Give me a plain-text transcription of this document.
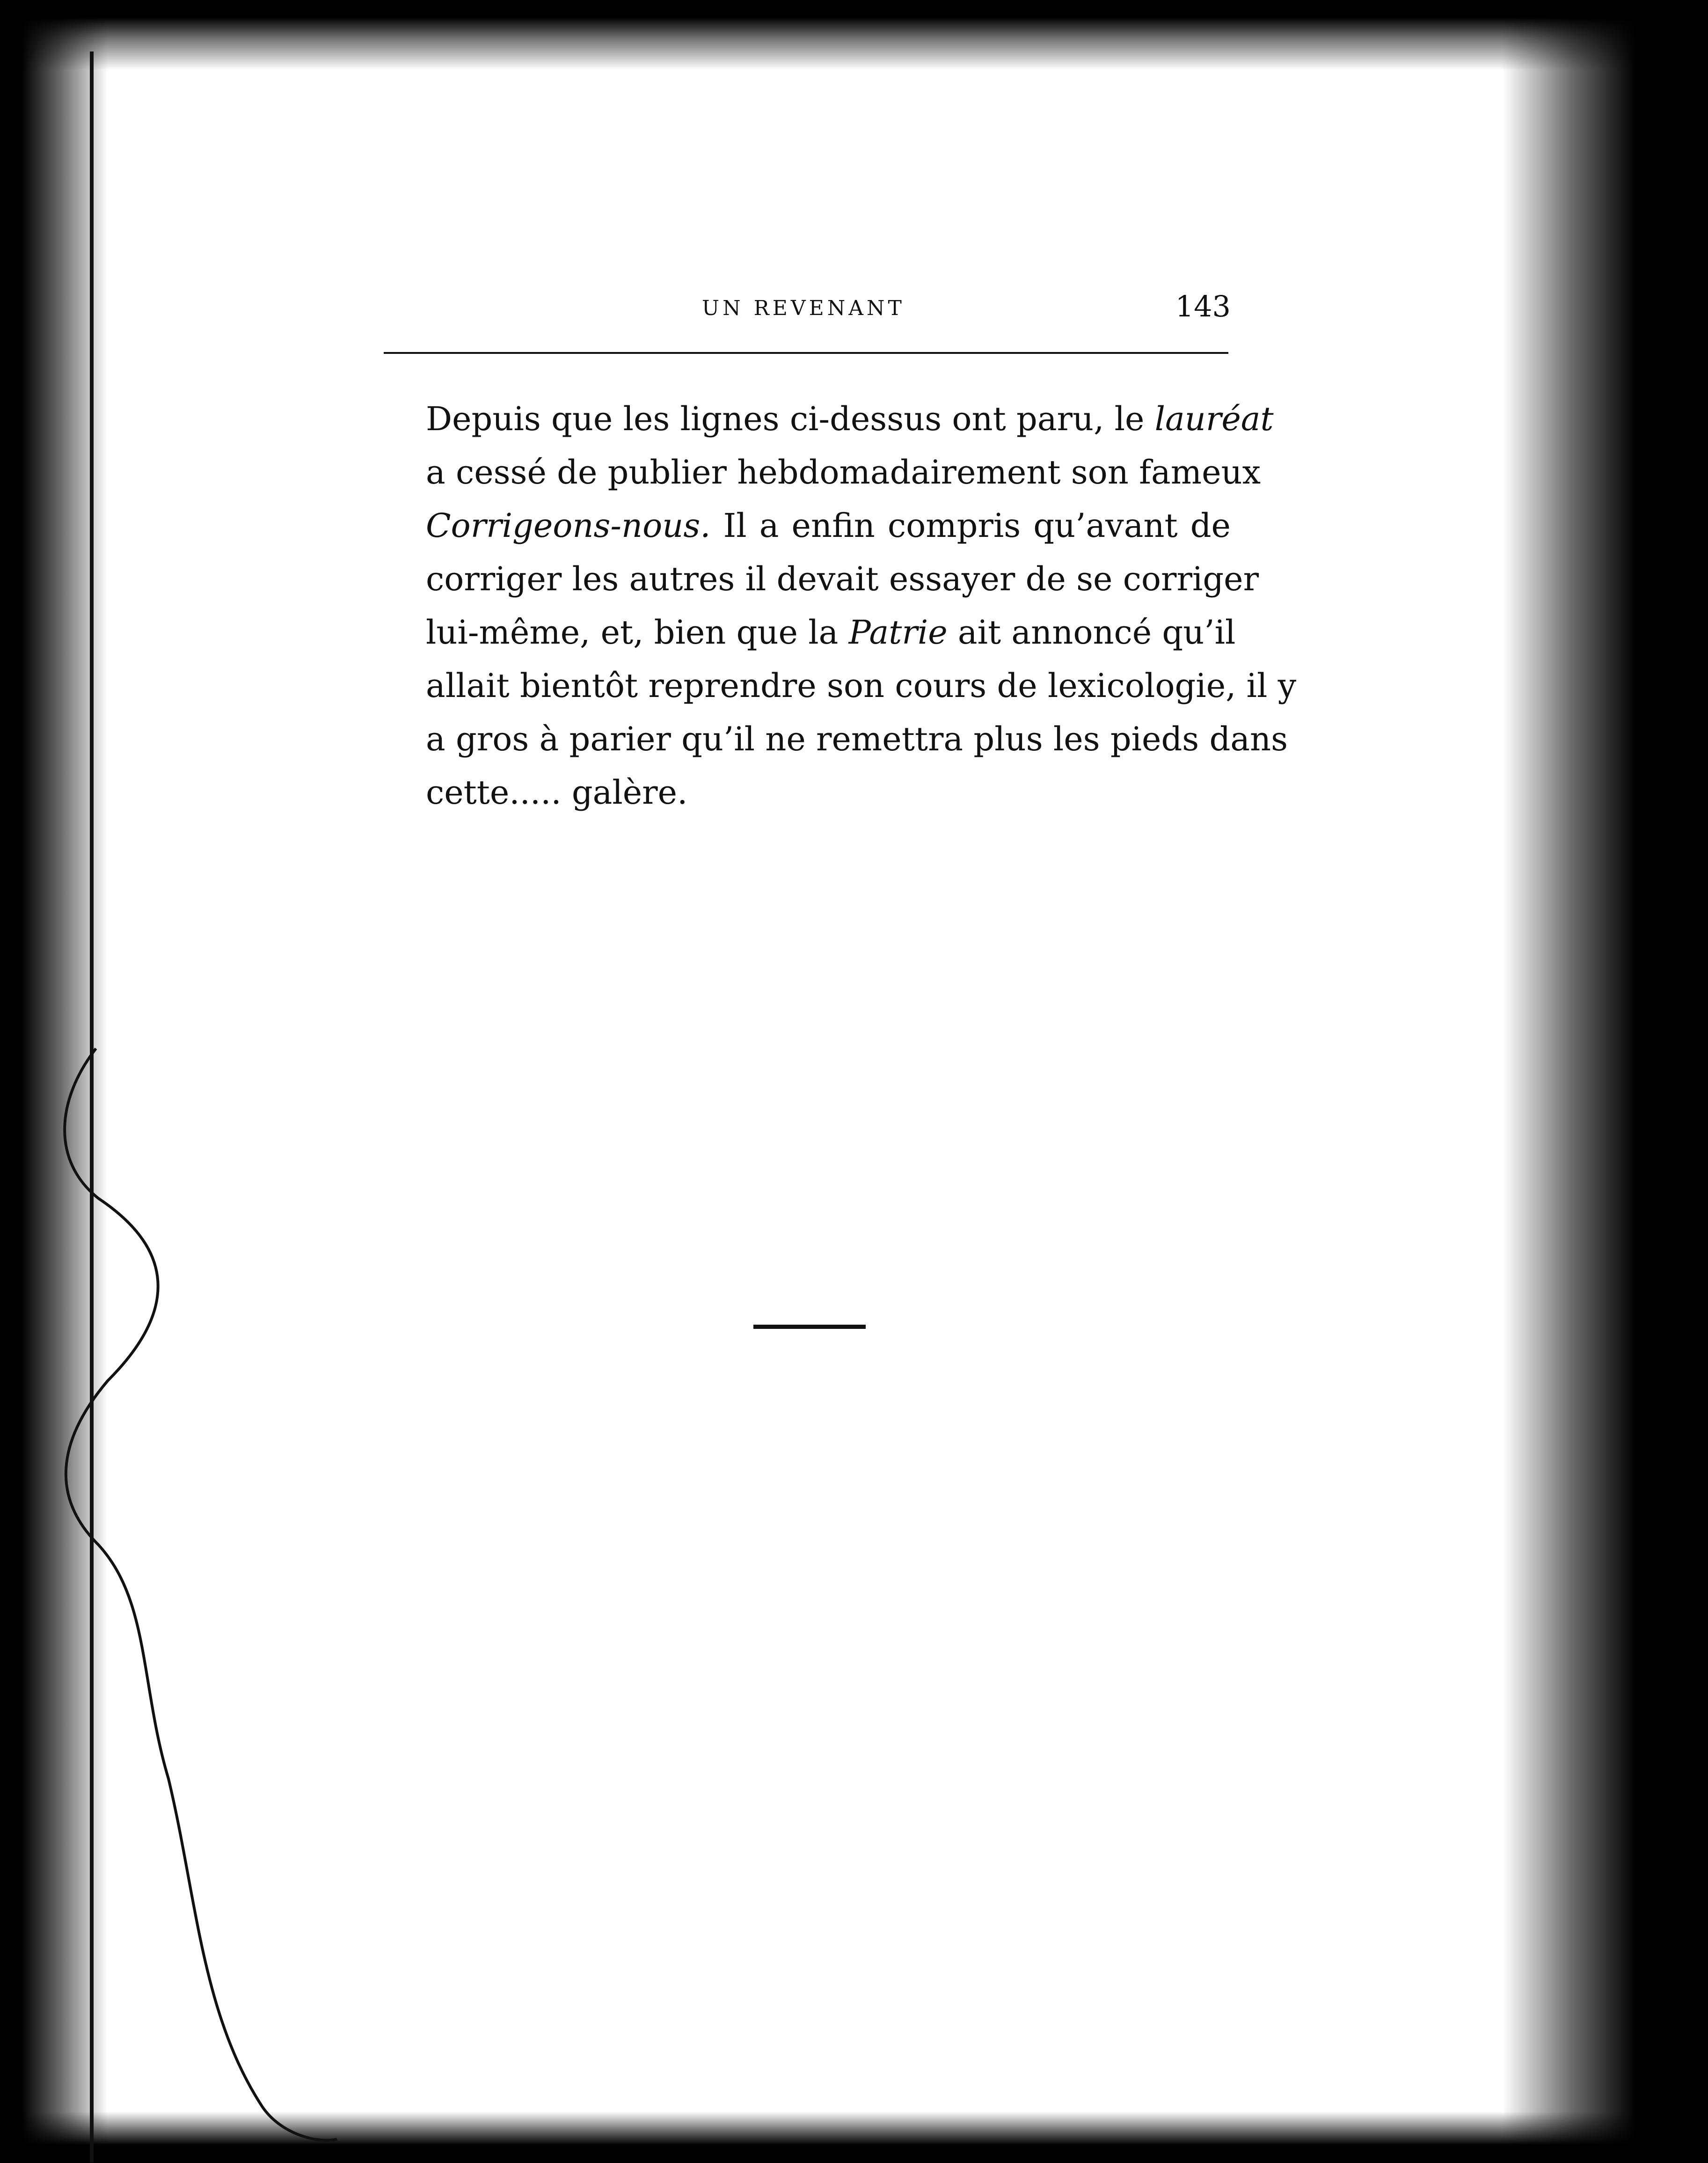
UN REVENANT	143

Depuis que les lignes ci-dessus ont paru, le lauréat
a cessé de publier hebdomadairement son fameux
Corrigeons-nous. Il a enfin compris qu’avant de
corriger les autres il devait essayer de se corriger
lui-même, et, bien que la Patrie ait annoncé qu’il
allait bientôt reprendre son cours de lexicologie, il y
a gros à parier qu’il ne remettra plus les pieds dans
cette..... galère.
